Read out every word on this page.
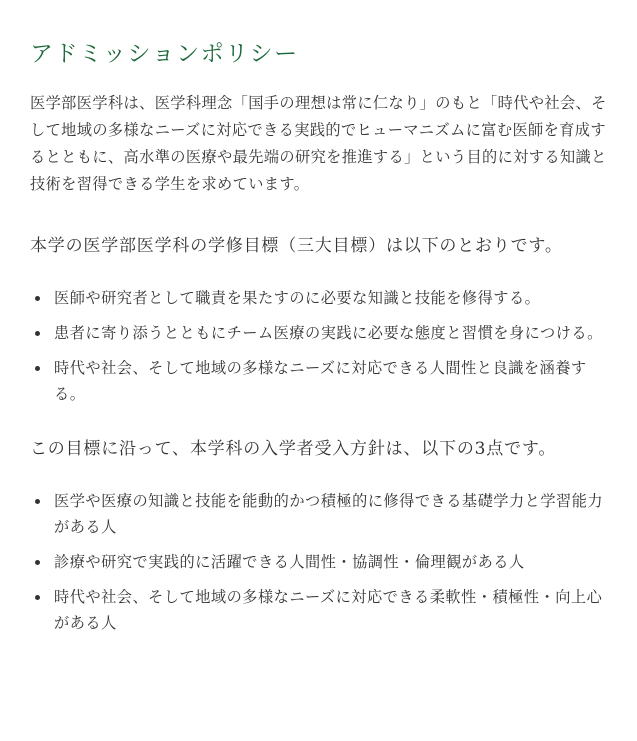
アドミッションポリシー

医学部医学科は、医学科理念「国手の理想は常に仁なり」のもと「時代や社会、そして地域の多様なニーズに対応できる実践的でヒューマニズムに富む医師を育成するとともに、高水準の医療や最先端の研究を推進する」という目的に対する知識と技術を習得できる学生を求めています。

本学の医学部医学科の学修目標（三大目標）は以下のとおりです。

医師や研究者として職責を果たすのに必要な知識と技能を修得する。
患者に寄り添うとともにチーム医療の実践に必要な態度と習慣を身につける。
時代や社会、そして地域の多様なニーズに対応できる人間性と良識を涵養する。

この目標に沿って、本学科の入学者受入方針は、以下の3点です。

医学や医療の知識と技能を能動的かつ積極的に修得できる基礎学力と学習能力がある人
診療や研究で実践的に活躍できる人間性・協調性・倫理観がある人
時代や社会、そして地域の多様なニーズに対応できる柔軟性・積極性・向上心がある人
